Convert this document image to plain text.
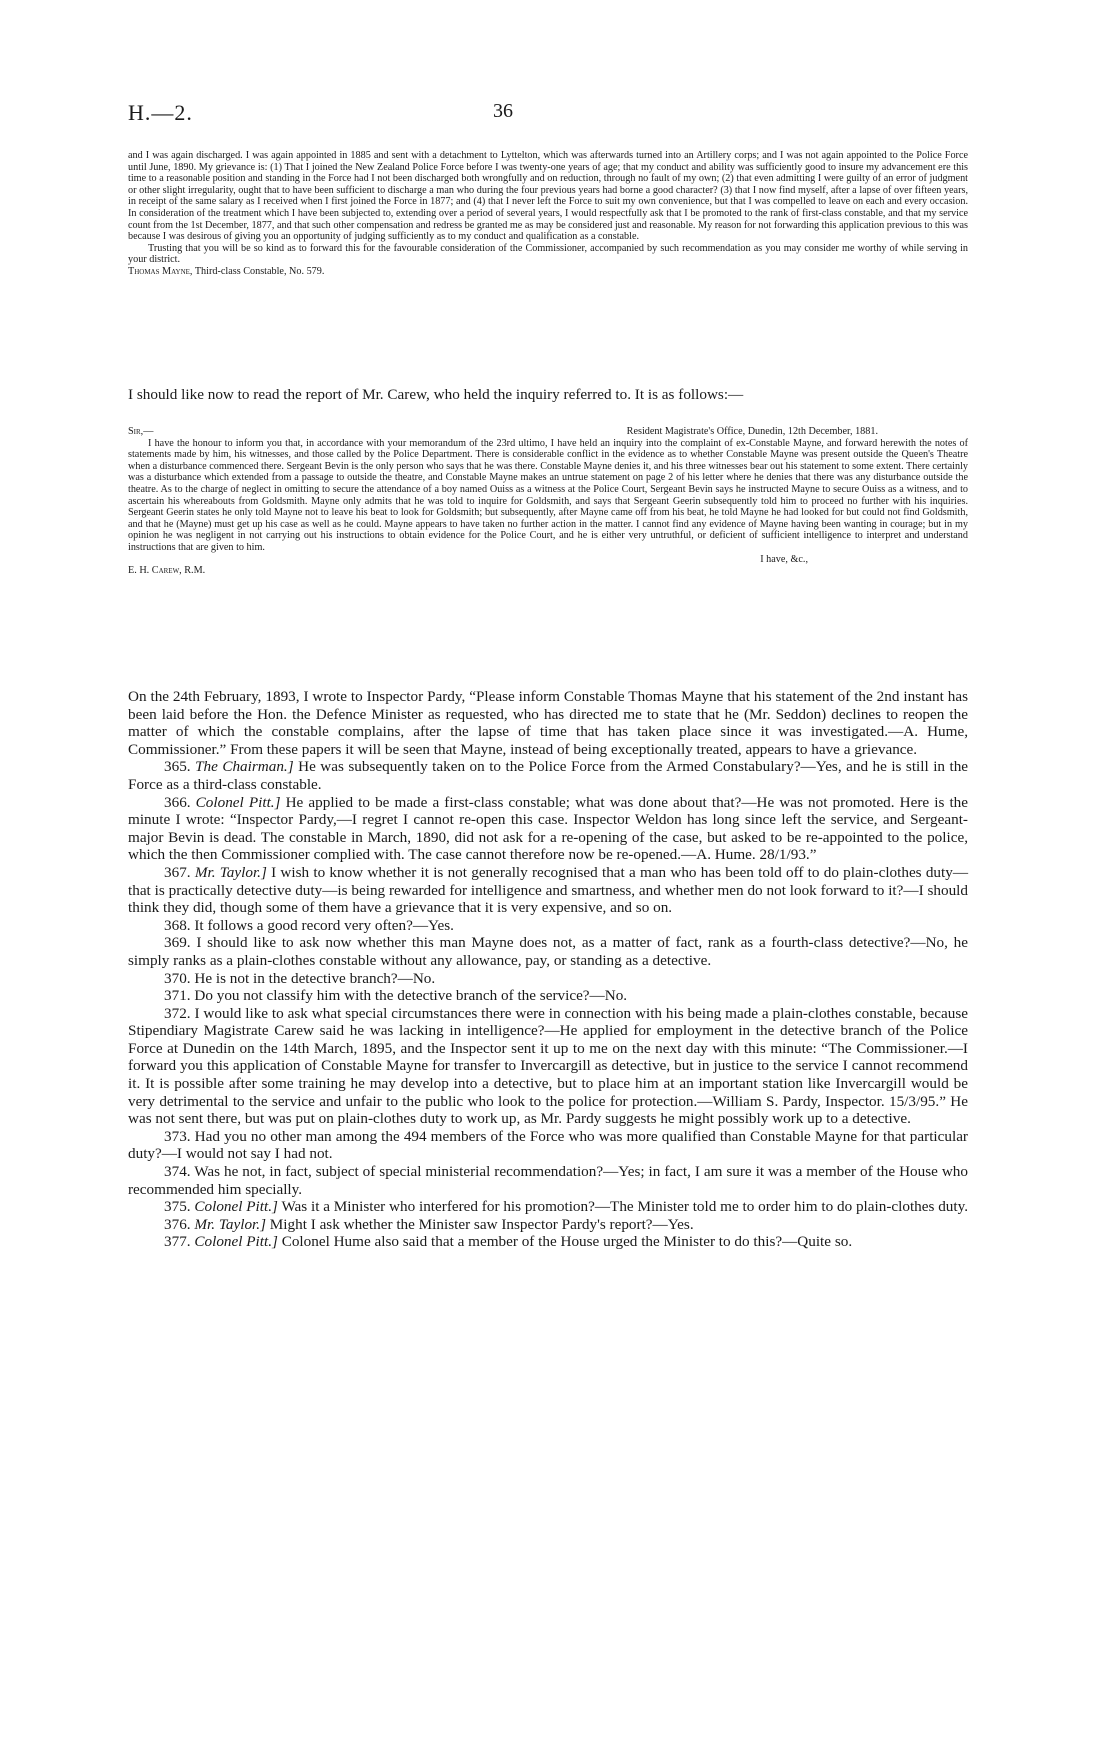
H.—2.	36

and I was again discharged. I was again appointed in 1885 and sent with a detachment to Lyttelton, which was afterwards turned into an Artillery corps; and I was not again appointed to the Police Force until June, 1890. My grievance is: (1) That I joined the New Zealand Police Force before I was twenty-one years of age; that my conduct and ability was sufficiently good to insure my advancement ere this time to a reasonable position and standing in the Force had I not been discharged both wrongfully and on reduction, through no fault of my own; (2) that even admitting I were guilty of an error of judgment or other slight irregularity, ought that to have been sufficient to discharge a man who during the four previous years had borne a good character? (3) that I now find myself, after a lapse of over fifteen years, in receipt of the same salary as I received when I first joined the Force in 1877; and (4) that I never left the Force to suit my own convenience, but that I was compelled to leave on each and every occasion. In consideration of the treatment which I have been subjected to, extending over a period of several years, I would respectfully ask that I be promoted to the rank of first-class constable, and that my service count from the 1st December, 1877, and that such other compensation and redress be granted me as may be considered just and reasonable. My reason for not forwarding this application previous to this was because I was desirous of giving you an opportunity of judging sufficiently as to my conduct and qualification as a constable.

Trusting that you will be so kind as to forward this for the favourable consideration of the Commissioner, accompanied by such recommendation as you may consider me worthy of while serving in your district.

Thomas Mayne, Third-class Constable, No. 579.

I should like now to read the report of Mr. Carew, who held the inquiry referred to. It is as follows:—

Sir,—	Resident Magistrate's Office, Dunedin, 12th December, 1881.

I have the honour to inform you that, in accordance with your memorandum of the 23rd ultimo, I have held an inquiry into the complaint of ex-Constable Mayne, and forward herewith the notes of statements made by him, his witnesses, and those called by the Police Department. There is considerable conflict in the evidence as to whether Constable Mayne was present outside the Queen's Theatre when a disturbance commenced there. Sergeant Bevin is the only person who says that he was there. Constable Mayne denies it, and his three witnesses bear out his statement to some extent. There certainly was a disturbance which extended from a passage to outside the theatre, and Constable Mayne makes an untrue statement on page 2 of his letter where he denies that there was any disturbance outside the theatre. As to the charge of neglect in omitting to secure the attendance of a boy named Ouiss as a witness at the Police Court, Sergeant Bevin says he instructed Mayne to secure Ouiss as a witness, and to ascertain his whereabouts from Goldsmith. Mayne only admits that he was told to inquire for Goldsmith, and says that Sergeant Geerin subsequently told him to proceed no further with his inquiries. Sergeant Geerin states he only told Mayne not to leave his beat to look for Goldsmith; but subsequently, after Mayne came off from his beat, he told Mayne he had looked for but could not find Goldsmith, and that he (Mayne) must get up his case as well as he could. Mayne appears to have taken no further action in the matter. I cannot find any evidence of Mayne having been wanting in courage; but in my opinion he was negligent in not carrying out his instructions to obtain evidence for the Police Court, and he is either very untruthful, or deficient of sufficient intelligence to interpret and understand instructions that are given to him.

I have, &c.,

E. H. Carew, R.M.

On the 24th February, 1893, I wrote to Inspector Pardy, “Please inform Constable Thomas Mayne that his statement of the 2nd instant has been laid before the Hon. the Defence Minister as requested, who has directed me to state that he (Mr. Seddon) declines to reopen the matter of which the constable complains, after the lapse of time that has taken place since it was investigated.—A. Hume, Commissioner.” From these papers it will be seen that Mayne, instead of being exceptionally treated, appears to have a grievance.

365. The Chairman.] He was subsequently taken on to the Police Force from the Armed Constabulary?—Yes, and he is still in the Force as a third-class constable.

366. Colonel Pitt.] He applied to be made a first-class constable; what was done about that?—He was not promoted. Here is the minute I wrote: “Inspector Pardy,—I regret I cannot re-open this case. Inspector Weldon has long since left the service, and Sergeant-major Bevin is dead. The constable in March, 1890, did not ask for a re-opening of the case, but asked to be re-appointed to the police, which the then Commissioner complied with. The case cannot therefore now be re-opened.—A. Hume. 28/1/93.”

367. Mr. Taylor.] I wish to know whether it is not generally recognised that a man who has been told off to do plain-clothes duty—that is practically detective duty—is being rewarded for intelligence and smartness, and whether men do not look forward to it?—I should think they did, though some of them have a grievance that it is very expensive, and so on.

368. It follows a good record very often?—Yes.

369. I should like to ask now whether this man Mayne does not, as a matter of fact, rank as a fourth-class detective?—No, he simply ranks as a plain-clothes constable without any allowance, pay, or standing as a detective.

370. He is not in the detective branch?—No.

371. Do you not classify him with the detective branch of the service?—No.

372. I would like to ask what special circumstances there were in connection with his being made a plain-clothes constable, because Stipendiary Magistrate Carew said he was lacking in intelligence?—He applied for employment in the detective branch of the Police Force at Dunedin on the 14th March, 1895, and the Inspector sent it up to me on the next day with this minute: “The Commissioner.—I forward you this application of Constable Mayne for transfer to Invercargill as detective, but in justice to the service I cannot recommend it. It is possible after some training he may develop into a detective, but to place him at an important station like Invercargill would be very detrimental to the service and unfair to the public who look to the police for protection.—William S. Pardy, Inspector. 15/3/95.” He was not sent there, but was put on plain-clothes duty to work up, as Mr. Pardy suggests he might possibly work up to a detective.

373. Had you no other man among the 494 members of the Force who was more qualified than Constable Mayne for that particular duty?—I would not say I had not.

374. Was he not, in fact, subject of special ministerial recommendation?—Yes; in fact, I am sure it was a member of the House who recommended him specially.

375. Colonel Pitt.] Was it a Minister who interfered for his promotion?—The Minister told me to order him to do plain-clothes duty.

376. Mr. Taylor.] Might I ask whether the Minister saw Inspector Pardy's report?—Yes.

377. Colonel Pitt.] Colonel Hume also said that a member of the House urged the Minister to do this?—Quite so.
